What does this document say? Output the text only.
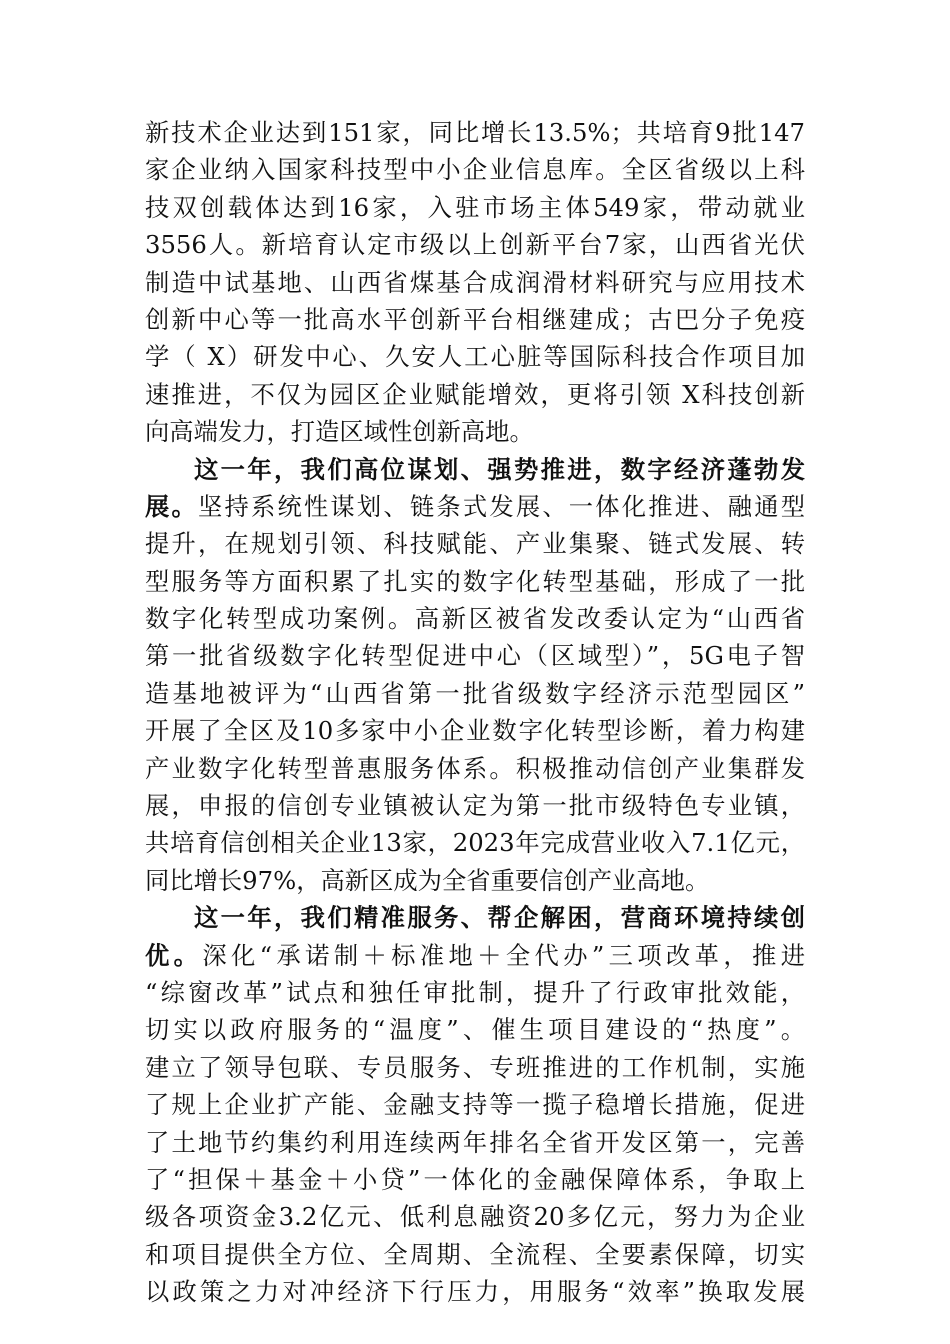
新技术企业达到151家，同比增长13.5%；共培育9批147
家企业纳入国家科技型中小企业信息库。全区省级以上科
技双创载体达到16家，入驻市场主体549家，带动就业
3556人。新培育认定市级以上创新平台7家，山西省光伏
制造中试基地、山西省煤基合成润滑材料研究与应用技术
创新中心等一批高水平创新平台相继建成；古巴分子免疫
学（ X）研发中心、久安人工心脏等国际科技合作项目加
速推进，不仅为园区企业赋能增效，更将引领 X科技创新
向高端发力，打造区域性创新高地。
这一年，我们高位谋划、强势推进，数字经济蓬勃发
展。坚持系统性谋划、链条式发展、一体化推进、融通型
提升，在规划引领、科技赋能、产业集聚、链式发展、转
型服务等方面积累了扎实的数字化转型基础，形成了一批
数字化转型成功案例。高新区被省发改委认定为“山西省
第一批省级数字化转型促进中心（区域型）”，5G电子智
造基地被评为“山西省第一批省级数字经济示范型园区”
开展了全区及10多家中小企业数字化转型诊断，着力构建
产业数字化转型普惠服务体系。积极推动信创产业集群发
展，申报的信创专业镇被认定为第一批市级特色专业镇，
共培育信创相关企业13家，2023年完成营业收入7.1亿元，
同比增长97%，高新区成为全省重要信创产业高地。
这一年，我们精准服务、帮企解困，营商环境持续创
优。深化“承诺制＋标准地＋全代办”三项改革，推进
“综窗改革”试点和独任审批制，提升了行政审批效能，
切实以政府服务的“温度”、催生项目建设的“热度”。
建立了领导包联、专员服务、专班推进的工作机制，实施
了规上企业扩产能、金融支持等一揽子稳增长措施，促进
了土地节约集约利用连续两年排名全省开发区第一，完善
了“担保＋基金＋小贷”一体化的金融保障体系，争取上
级各项资金3.2亿元、低利息融资20多亿元，努力为企业
和项目提供全方位、全周期、全流程、全要素保障，切实
以政策之力对冲经济下行压力，用服务“效率”换取发展
